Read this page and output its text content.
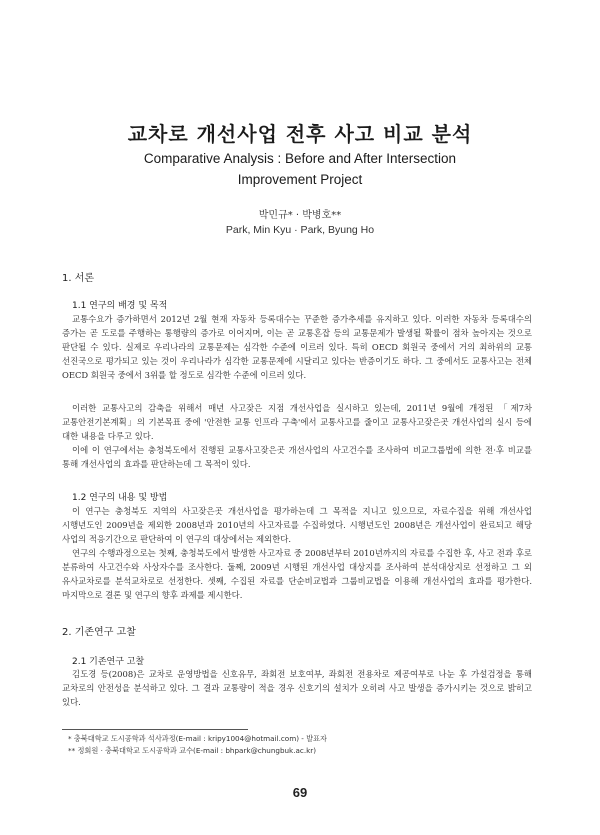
교차로 개선사업 전후 사고 비교 분석
Comparative Analysis : Before and After Intersection
Improvement Project
박민규* · 박병호**
Park, Min Kyu · Park, Byung Ho
1. 서론
1.1 연구의 배경 및 목적

교통수요가 증가하면서 2012년 2월 현재 자동차 등록대수는 꾸준한 증가추세를 유지하고 있다. 이러한 자동차 등록대수의 증가는 곧 도로를 주행하는 통행량의 증가로 이어지며, 이는 곧 교통혼잡 등의 교통문제가 발생될 확률이 점차 높아지는 것으로 판단될 수 있다. 실제로 우리나라의 교통문제는 심각한 수준에 이르러 있다. 특히 OECD 회원국 중에서 거의 최하위의 교통 선진국으로 평가되고 있는 것이 우리나라가 심각한 교통문제에 시달리고 있다는 반증이기도 하다. 그 중에서도 교통사고는 전체 OECD 회원국 중에서 3위를 할 정도로 심각한 수준에 이르러 있다.

이러한 교통사고의 감축을 위해서 매년 사고잦은 지점 개선사업을 실시하고 있는데, 2011년 9월에 개정된 「제7차 교통안전기본계획」의 기본목표 중에 '안전한 교통 인프라 구축'에서 교통사고를 줄이고 교통사고잦은곳 개선사업의 실시 등에 대한 내용을 다루고 있다.

이에 이 연구에서는 충청북도에서 진행된 교통사고잦은곳 개선사업의 사고건수를 조사하여 비교그룹법에 의한 전·후 비교를 통해 개선사업의 효과를 판단하는데 그 목적이 있다.

1.2 연구의 내용 및 방법

이 연구는 충청북도 지역의 사고잦은곳 개선사업을 평가하는데 그 목적을 지니고 있으므로, 자료수집을 위해 개선사업 시행년도인 2009년을 제외한 2008년과 2010년의 사고자료를 수집하였다. 시행년도인 2008년은 개선사업이 완료되고 해당 사업의 적응기간으로 판단하여 이 연구의 대상에서는 제외한다.

연구의 수행과정으로는 첫째, 충청북도에서 발생한 사고자료 중 2008년부터 2010년까지의 자료를 수집한 후, 사고 전과 후로 분류하여 사고건수와 사상자수를 조사한다. 둘째, 2009년 시행된 개선사업 대상지를 조사하여 분석대상지로 선정하고 그 외 유사교차로를 분석교차로로 선정한다. 셋째, 수집된 자료를 단순비교법과 그룹비교법을 이용해 개선사업의 효과를 평가한다. 마지막으로 결론 및 연구의 향후 과제를 제시한다.

2. 기존연구 고찰
2.1 기존연구 고찰

김도경 등(2008)은 교차로 운영방법을 신호유무, 좌회전 보호여부, 좌회전 전용차로 제공여부로 나눈 후 가설검정을 통해 교차로의 안전성을 분석하고 있다. 그 결과 교통량이 적을 경우 신호기의 설치가 오히려 사고 발생을 증가시키는 것으로 밝히고 있다.

* 충북대학교 도시공학과 석사과정(E-mail : kripy1004@hotmail.com) - 발표자
** 정회원 · 충북대학교 도시공학과 교수(E-mail : bhpark@chungbuk.ac.kr)
69
